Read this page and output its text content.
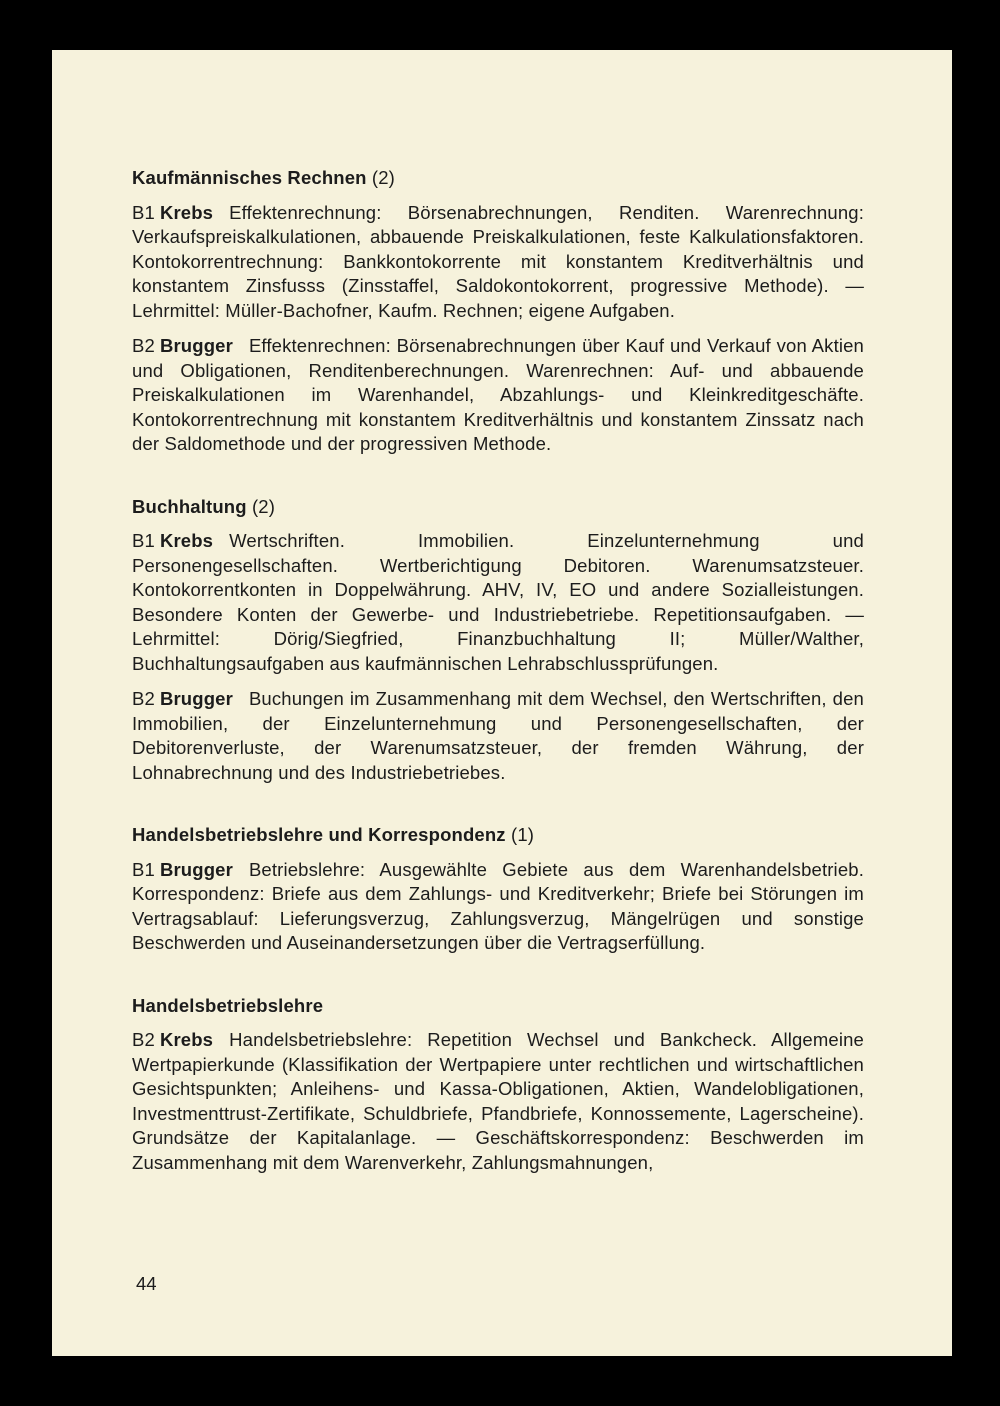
Kaufmännisches Rechnen (2)

B1 Krebs Effektenrechnung: Börsenabrechnungen, Renditen. Warenrechnung: Verkaufspreiskalkulationen, abbauende Preiskalkulationen, feste Kalkulationsfaktoren. Kontokorrentrechnung: Bankkontokorrente mit konstantem Kreditverhältnis und konstantem Zinsfusss (Zinsstaffel, Saldokontokorrent, progressive Methode). — Lehrmittel: Müller-Bachofner, Kaufm. Rechnen; eigene Aufgaben.

B2 Brugger Effektenrechnen: Börsenabrechnungen über Kauf und Verkauf von Aktien und Obligationen, Renditenberechnungen. Warenrechnen: Auf- und abbauende Preiskalkulationen im Warenhandel, Abzahlungs- und Kleinkreditgeschäfte. Kontokorrentrechnung mit konstantem Kreditverhältnis und konstantem Zinssatz nach der Saldomethode und der progressiven Methode.

Buchhaltung (2)

B1 Krebs Wertschriften. Immobilien. Einzelunternehmung und Personengesellschaften. Wertberichtigung Debitoren. Warenumsatzsteuer. Kontokorrentkonten in Doppelwährung. AHV, IV, EO und andere Sozialleistungen. Besondere Konten der Gewerbe- und Industriebetriebe. Repetitionsaufgaben. — Lehrmittel: Dörig/Siegfried, Finanzbuchhaltung II; Müller/Walther, Buchhaltungsaufgaben aus kaufmännischen Lehrabschlussprüfungen.

B2 Brugger Buchungen im Zusammenhang mit dem Wechsel, den Wertschriften, den Immobilien, der Einzelunternehmung und Personengesellschaften, der Debitorenverluste, der Warenumsatzsteuer, der fremden Währung, der Lohnabrechnung und des Industriebetriebes.

Handelsbetriebslehre und Korrespondenz (1)

B1 Brugger Betriebslehre: Ausgewählte Gebiete aus dem Warenhandelsbetrieb. Korrespondenz: Briefe aus dem Zahlungs- und Kreditverkehr; Briefe bei Störungen im Vertragsablauf: Lieferungsverzug, Zahlungsverzug, Mängelrügen und sonstige Beschwerden und Auseinandersetzungen über die Vertragserfüllung.

Handelsbetriebslehre

B2 Krebs Handelsbetriebslehre: Repetition Wechsel und Bankcheck. Allgemeine Wertpapierkunde (Klassifikation der Wertpapiere unter rechtlichen und wirtschaftlichen Gesichtspunkten; Anleihens- und Kassa-Obligationen, Aktien, Wandelobligationen, Investmenttrust-Zertifikate, Schuldbriefe, Pfandbriefe, Konnossemente, Lagerscheine). Grundsätze der Kapitalanlage. — Geschäftskorrespondenz: Beschwerden im Zusammenhang mit dem Warenverkehr, Zahlungsmahnungen,

44
